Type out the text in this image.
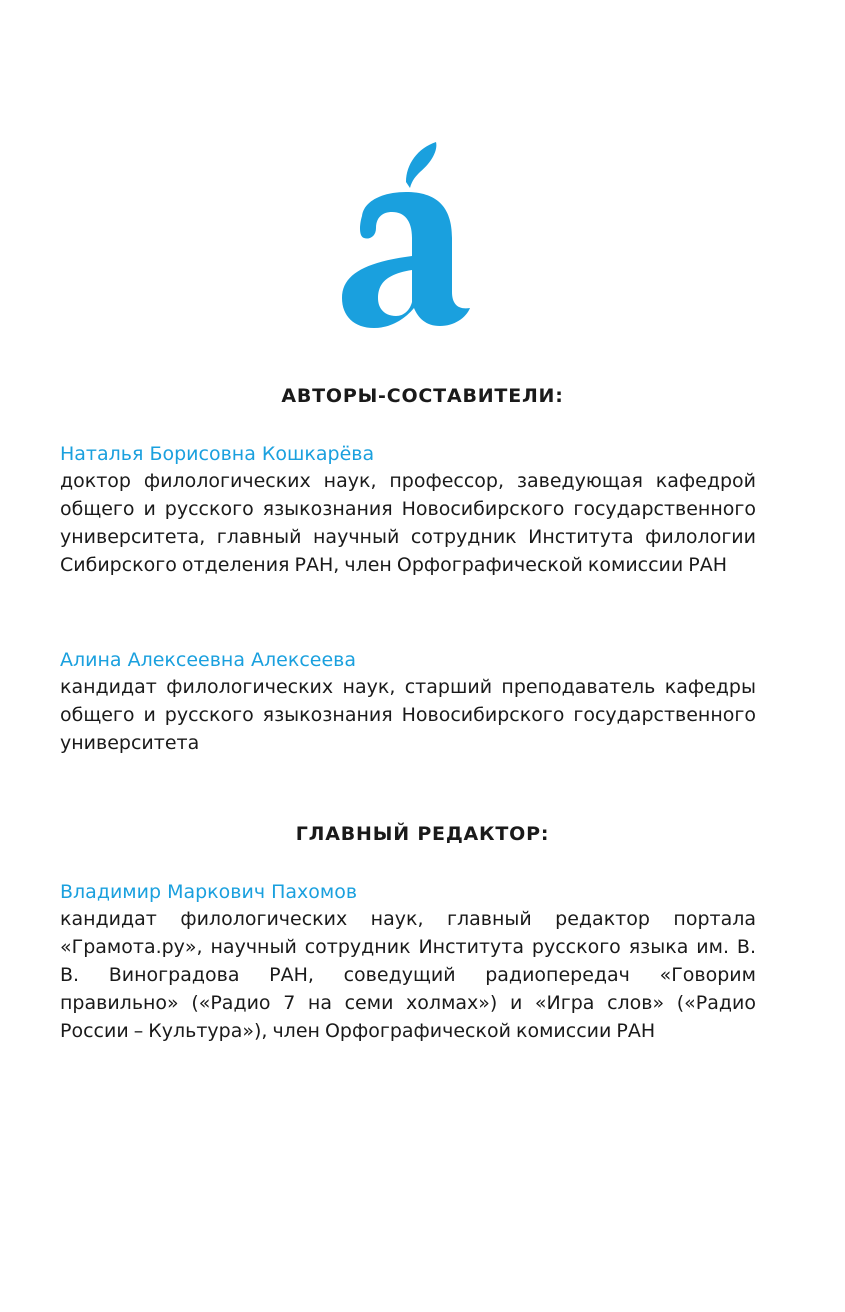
АВТОРЫ-СОСТАВИТЕЛИ:
Наталья Борисовна Кошкарёва
доктор филологических наук, профессор, заведующая кафедрой общего и русского языкознания Новосибирского государственного университета, главный научный сотрудник Института филологии Сибирского отделения РАН, член Орфографической комиссии РАН
Алина Алексеевна Алексеева
кандидат филологических наук, старший преподаватель кафедры общего и русского языкознания Новосибирского государственного университета
ГЛАВНЫЙ РЕДАКТОР:
Владимир Маркович Пахомов
кандидат филологических наук, главный редактор портала «Грамота.ру», научный сотрудник Института русского языка им. В. В. Виноградова РАН, соведущий радиопередач «Говорим правильно» («Радио 7 на семи холмах») и «Игра слов» («Радио России – Культура»), член Орфографической комиссии РАН
